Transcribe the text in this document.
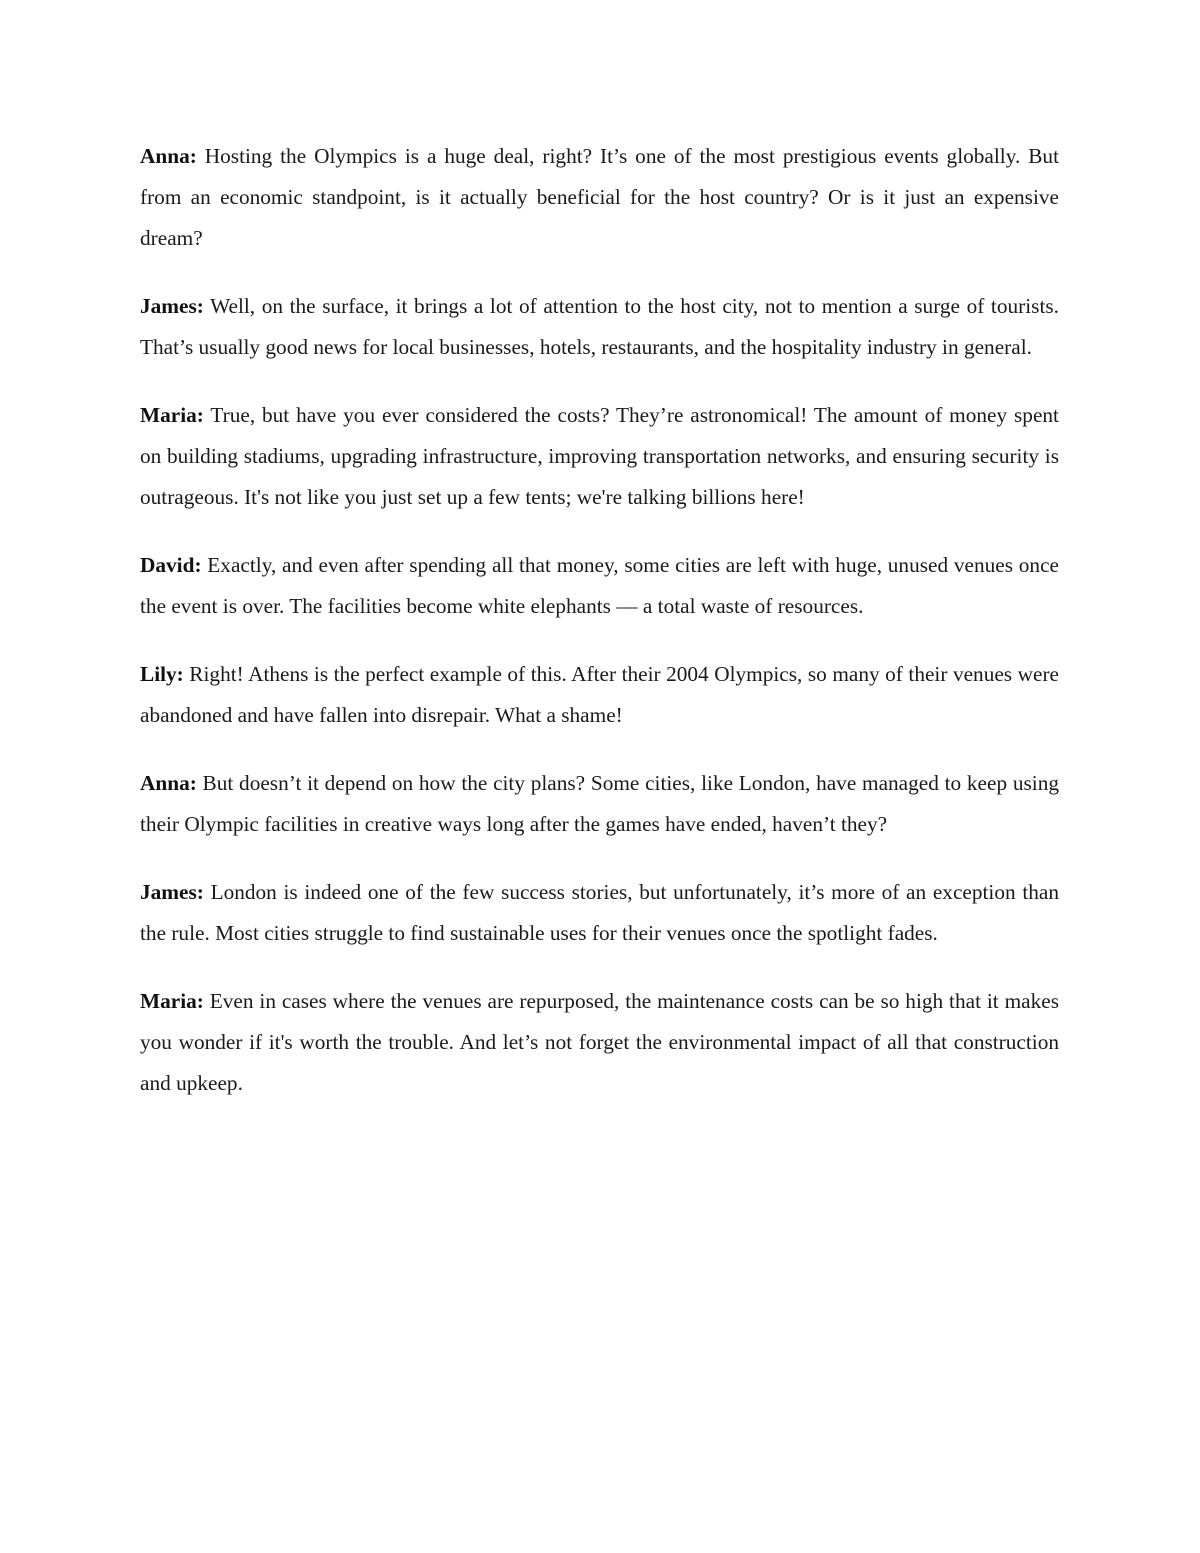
Anna: Hosting the Olympics is a huge deal, right? It’s one of the most prestigious events globally. But from an economic standpoint, is it actually beneficial for the host country? Or is it just an expensive dream?

James: Well, on the surface, it brings a lot of attention to the host city, not to mention a surge of tourists. That’s usually good news for local businesses, hotels, restaurants, and the hospitality industry in general.

Maria: True, but have you ever considered the costs? They’re astronomical! The amount of money spent on building stadiums, upgrading infrastructure, improving transportation networks, and ensuring security is outrageous. It's not like you just set up a few tents; we're talking billions here!

David: Exactly, and even after spending all that money, some cities are left with huge, unused venues once the event is over. The facilities become white elephants — a total waste of resources.

Lily: Right! Athens is the perfect example of this. After their 2004 Olympics, so many of their venues were abandoned and have fallen into disrepair. What a shame!

Anna: But doesn’t it depend on how the city plans? Some cities, like London, have managed to keep using their Olympic facilities in creative ways long after the games have ended, haven’t they?

James: London is indeed one of the few success stories, but unfortunately, it’s more of an exception than the rule. Most cities struggle to find sustainable uses for their venues once the spotlight fades.

Maria: Even in cases where the venues are repurposed, the maintenance costs can be so high that it makes you wonder if it's worth the trouble. And let’s not forget the environmental impact of all that construction and upkeep.
